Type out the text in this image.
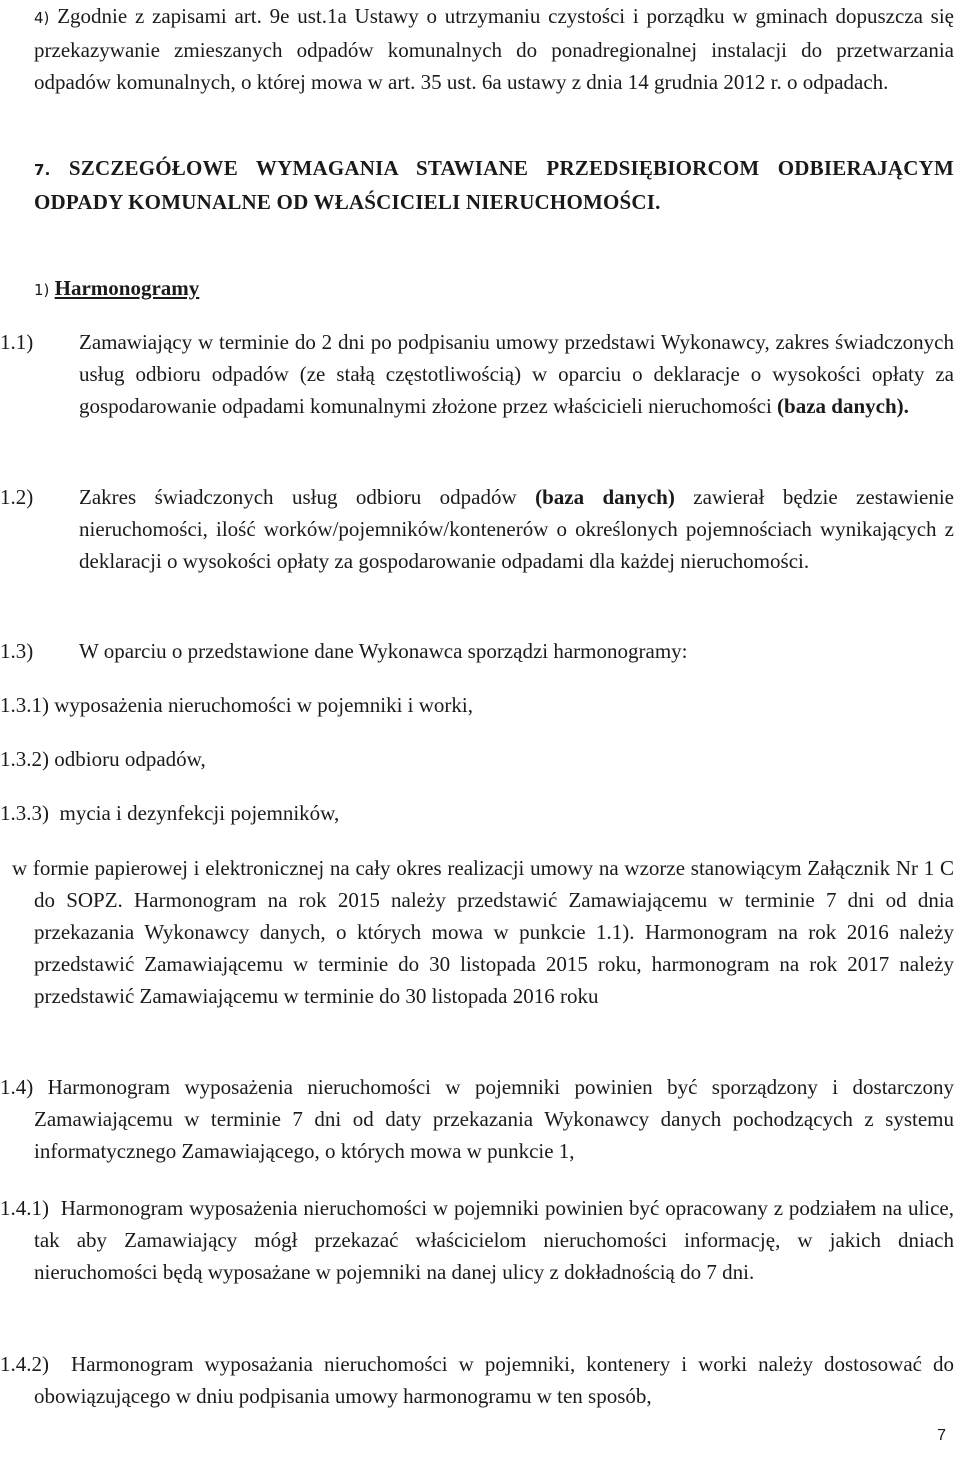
4) Zgodnie z zapisami art. 9e ust.1a Ustawy o utrzymaniu czystości i porządku w gminach dopuszcza się przekazywanie zmieszanych odpadów komunalnych do ponadregionalnej instalacji do przetwarzania odpadów komunalnych, o której mowa w art. 35 ust. 6a ustawy z dnia 14 grudnia 2012 r. o odpadach.

7. SZCZEGÓŁOWE WYMAGANIA STAWIANE PRZEDSIĘBIORCOM ODBIERAJĄCYM ODPADY KOMUNALNE OD WŁAŚCICIELI NIERUCHOMOŚCI.

1) Harmonogramy

1.1) Zamawiający w terminie do 2 dni po podpisaniu umowy przedstawi Wykonawcy, zakres świadczonych usług odbioru odpadów (ze stałą częstotliwością) w oparciu o deklaracje o wysokości opłaty za gospodarowanie odpadami komunalnymi złożone przez właścicieli nieruchomości (baza danych).

1.2) Zakres świadczonych usług odbioru odpadów (baza danych) zawierał będzie zestawienie nieruchomości, ilość worków/pojemników/kontenerów o określonych pojemnościach wynikających z deklaracji o wysokości opłaty za gospodarowanie odpadami dla każdej nieruchomości.

1.3) W oparciu o przedstawione dane Wykonawca sporządzi harmonogramy:

1.3.1) wyposażenia nieruchomości w pojemniki i worki,

1.3.2) odbioru odpadów,

1.3.3) mycia i dezynfekcji pojemników,

w formie papierowej i elektronicznej na cały okres realizacji umowy na wzorze stanowiącym Załącznik Nr 1 C do SOPZ. Harmonogram na rok 2015 należy przedstawić Zamawiającemu w terminie 7 dni od dnia przekazania Wykonawcy danych, o których mowa w punkcie 1.1). Harmonogram na rok 2016 należy przedstawić Zamawiającemu w terminie do 30 listopada 2015 roku, harmonogram na rok 2017 należy przedstawić Zamawiającemu w terminie do 30 listopada 2016 roku

1.4) Harmonogram wyposażenia nieruchomości w pojemniki powinien być sporządzony i dostarczony Zamawiającemu w terminie 7 dni od daty przekazania Wykonawcy danych pochodzących z systemu informatycznego Zamawiającego, o których mowa w punkcie 1,

1.4.1) Harmonogram wyposażenia nieruchomości w pojemniki powinien być opracowany z podziałem na ulice, tak aby Zamawiający mógł przekazać właścicielom nieruchomości informację, w jakich dniach nieruchomości będą wyposażane w pojemniki na danej ulicy z dokładnością do 7 dni.

1.4.2) Harmonogram wyposażania nieruchomości w pojemniki, kontenery i worki należy dostosować do obowiązującego w dniu podpisania umowy harmonogramu w ten sposób,

7
